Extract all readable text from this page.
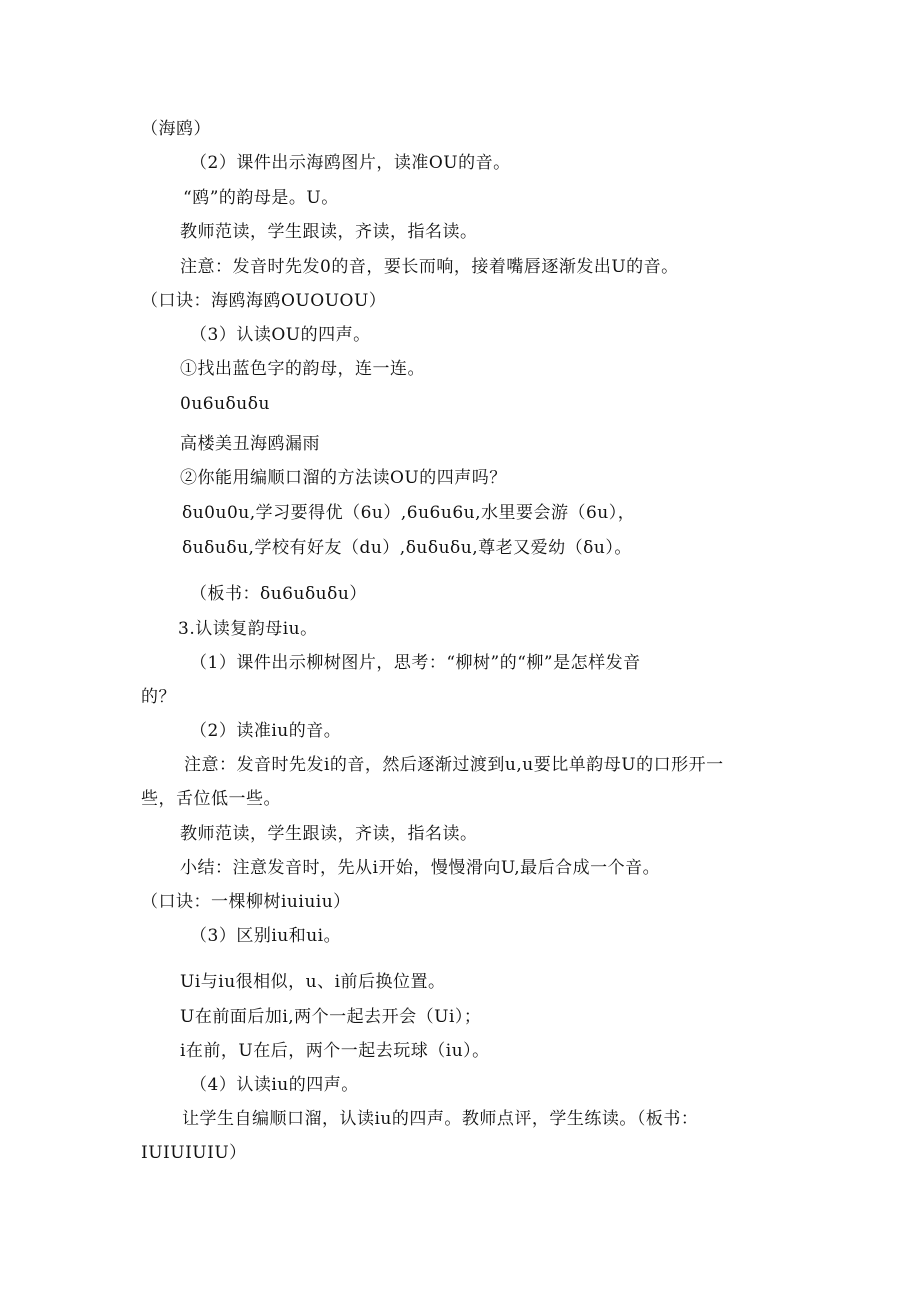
（海鸥）
（2）课件出示海鸥图片，读准OU的音。
“鸥”的韵母是。U。
教师范读，学生跟读，齐读，指名读。
注意：发音时先发0的音，要长而响，接着嘴唇逐渐发出U的音。
（口诀：海鸥海鸥OUOUOU）
（3）认读OU的四声。
①找出蓝色字的韵母，连一连。
0u6uδuδu
高楼美丑海鸥漏雨
②你能用编顺口溜的方法读OU的四声吗？
δu0u0u,学习要得优（6u）,6u6u6u,水里要会游（6u），
δuδuδu,学校有好友（du）,δuδuδu,尊老又爱幼（δu）。
（板书：δu6uδuδu）
3.认读复韵母iu。
（1）课件出示柳树图片，思考：“柳树”的“柳”是怎样发音
的？
（2）读准iu的音。
注意：发音时先发i的音，然后逐渐过渡到u,u要比单韵母U的口形开一
些，舌位低一些。
教师范读，学生跟读，齐读，指名读。
小结：注意发音时，先从i开始，慢慢滑向U,最后合成一个音。
（口诀：一棵柳树iuiuiu）
（3）区别iu和ui。
Ui与iu很相似，u、i前后换位置。
U在前面后加i,两个一起去开会（Ui）；
i在前，U在后，两个一起去玩球（iu）。
（4）认读iu的四声。
让学生自编顺口溜，认读iu的四声。教师点评，学生练读。（板书：
IUIUIUIU）
